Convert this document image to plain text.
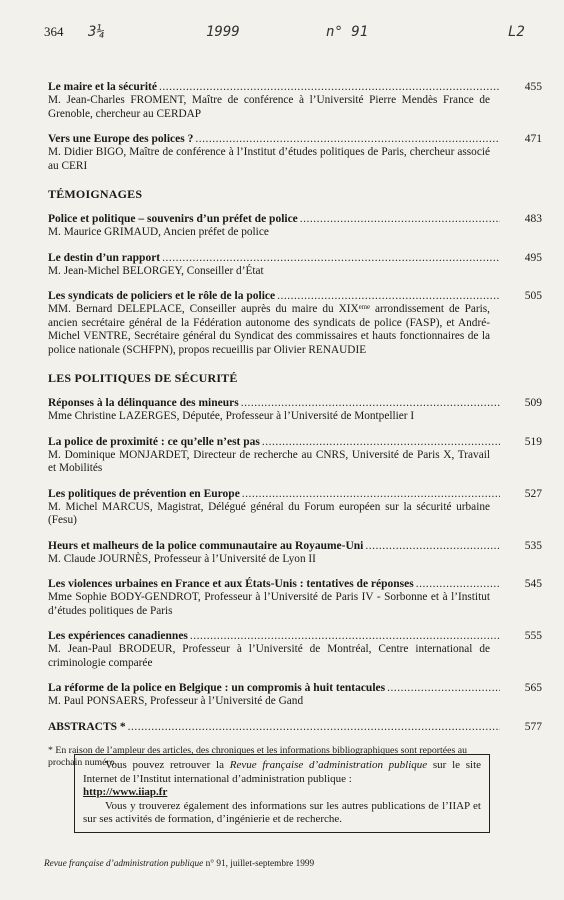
364 3¼	1999	n° 91	L2
Le maire et la sécurité .....	455
M. Jean-Charles FROMENT, Maître de conférence à l’Université Pierre Mendès France de Grenoble, chercheur au CERDAP
Vers une Europe des polices ? .....	471
M. Didier BIGO, Maître de conférence à l’Institut d’études politiques de Paris, chercheur associé au CERI
TÉMOIGNAGES
Police et politique – souvenirs d’un préfet de police .....	483
M. Maurice GRIMAUD, Ancien préfet de police
Le destin d’un rapport .....	495
M. Jean-Michel BELORGEY, Conseiller d’État
Les syndicats de policiers et le rôle de la police .....	505
MM. Bernard DELEPLACE, Conseiller auprès du maire du XIXᵉᵐᵉ arrondissement de Paris, ancien secrétaire général de la Fédération autonome des syndicats de police (FASP), et André-Michel VENTRE, Secrétaire général du Syndicat des commissaires et hauts fonctionnaires de la police nationale (SCHFPN), propos recueillis par Olivier RENAUDIE
LES POLITIQUES DE SÉCURITÉ
Réponses à la délinquance des mineurs .....	509
Mme Christine LAZERGES, Députée, Professeur à l’Université de Montpellier I
La police de proximité : ce qu’elle n’est pas .....	519
M. Dominique MONJARDET, Directeur de recherche au CNRS, Université de Paris X, Travail et Mobilités
Les politiques de prévention en Europe .....	527
M. Michel MARCUS, Magistrat, Délégué général du Forum européen sur la sécurité urbaine (Fesu)
Heurs et malheurs de la police communautaire au Royaume-Uni .....	535
M. Claude JOURNÈS, Professeur à l’Université de Lyon II
Les violences urbaines en France et aux États-Unis : tentatives de réponses .....	545
Mme Sophie BODY-GENDROT, Professeur à l’Université de Paris IV - Sorbonne et à l’Institut d’études politiques de Paris
Les expériences canadiennes .....	555
M. Jean-Paul BRODEUR, Professeur à l’Université de Montréal, Centre international de criminologie comparée
La réforme de la police en Belgique : un compromis à huit tentacules .....	565
M. Paul PONSAERS, Professeur à l’Université de Gand
ABSTRACTS * .....	577
* En raison de l’ampleur des articles, des chroniques et les informations bibliographiques sont reportées au prochain numéro.

Vous pouvez retrouver la Revue française d’administration publique sur le site Internet de l’Institut international d’administration publique :

http://www.iiap.fr

Vous y trouverez également des informations sur les autres publications de l’IIAP et sur ses activités de formation, d’ingénierie et de recherche.

Revue française d’administration publique n° 91, juillet-septembre 1999
